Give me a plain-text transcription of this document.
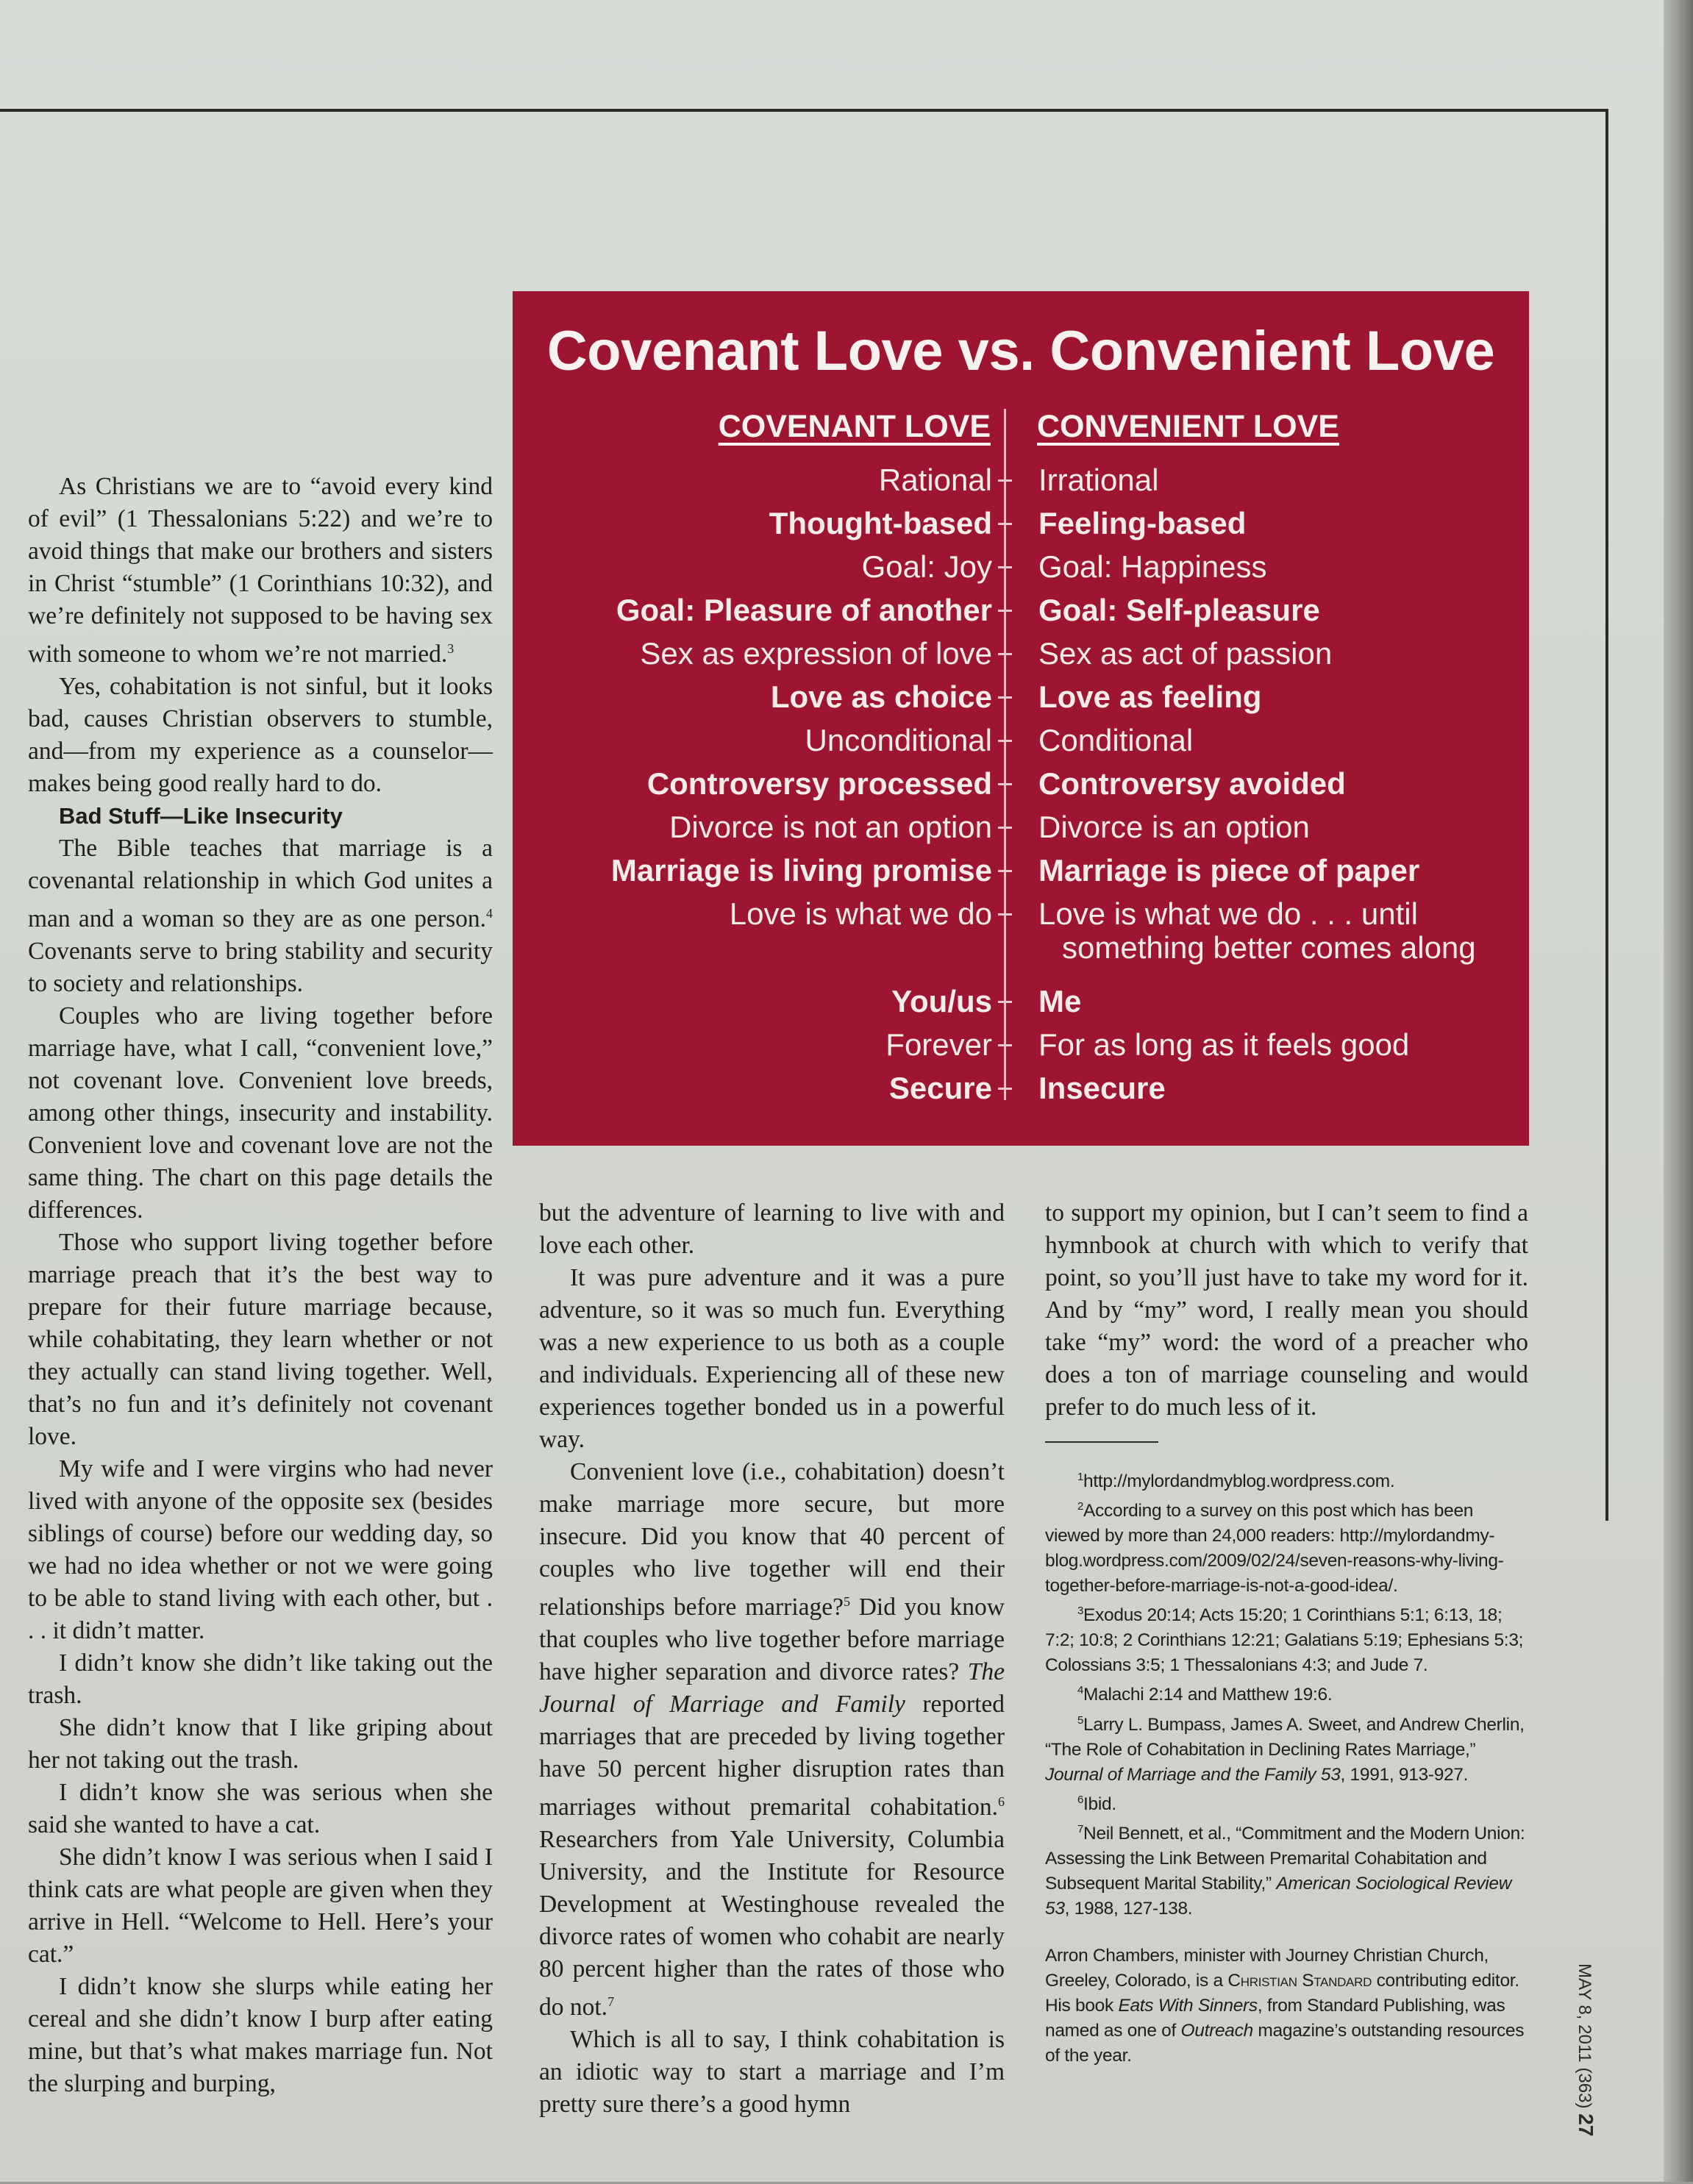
Covenant Love vs. Convenient Love
COVENANT LOVE CONVENIENT LOVE
Rational Irrational
Thought-based Feeling-based
Goal: Joy Goal: Happiness
Goal: Pleasure of another Goal: Self-pleasure
Sex as expression of love Sex as act of passion
Love as choice Love as feeling
Unconditional Conditional
Controversy processed Controversy avoided
Divorce is not an option Divorce is an option
Marriage is living promise Marriage is piece of paper
Love is what we do Love is what we do . . . until
something better comes along
You/us Me
Forever For as long as it feels good
Secure Insecure

As Christians we are to “avoid every kind of evil” (1 Thessalonians 5:22) and we’re to avoid things that make our brothers and sisters in Christ “stumble” (1 Corinthians 10:32), and we’re definitely not supposed to be having sex with someone to whom we’re not married.$^3$

Yes, cohabitation is not sinful, but it looks bad, causes Christian observers to stumble, and—from my experience as a counselor—makes being good really hard to do.

Bad Stuff—Like Insecurity

The Bible teaches that marriage is a covenantal relationship in which God unites a man and a woman so they are as one person.$^4$ Covenants serve to bring stability and security to society and relationships.

Couples who are living together before marriage have, what I call, “convenient love,” not covenant love. Convenient love breeds, among other things, insecurity and instability. Convenient love and covenant love are not the same thing. The chart on this page details the differences.

Those who support living together before marriage preach that it’s the best way to prepare for their future marriage because, while cohabitating, they learn whether or not they actually can stand living together. Well, that’s no fun and it’s definitely not covenant love.

My wife and I were virgins who had never lived with anyone of the opposite sex (besides siblings of course) before our wedding day, so we had no idea whether or not we were going to be able to stand living with each other, but . . . it didn’t matter.

I didn’t know she didn’t like taking out the trash.

She didn’t know that I like griping about her not taking out the trash.

I didn’t know she was serious when she said she wanted to have a cat.

She didn’t know I was serious when I said I think cats are what people are given when they arrive in Hell. “Welcome to Hell. Here’s your cat.”

I didn’t know she slurps while eating her cereal and she didn’t know I burp after eating mine, but that’s what makes marriage fun. Not the slurping and burping,

but the adventure of learning to live with and love each other.

It was pure adventure and it was a pure adventure, so it was so much fun. Everything was a new experience to us both as a couple and individuals. Experiencing all of these new experiences together bonded us in a powerful way.

Convenient love (i.e., cohabitation) doesn’t make marriage more secure, but more insecure. Did you know that 40 percent of couples who live together will end their relationships before marriage?$^5$ Did you know that couples who live together before marriage have higher separation and divorce rates? The Journal of Marriage and Family reported marriages that are preceded by living together have 50 percent higher disruption rates than marriages without premarital cohabitation.$^6$ Researchers from Yale University, Columbia University, and the Institute for Resource Development at Westinghouse revealed the divorce rates of women who cohabit are nearly 80 percent higher than the rates of those who do not.$^7$

Which is all to say, I think cohabitation is an idiotic way to start a marriage and I’m pretty sure there’s a good hymn

to support my opinion, but I can’t seem to find a hymnbook at church with which to verify that point, so you’ll just have to take my word for it. And by “my” word, I really mean you should take “my” word: the word of a preacher who does a ton of marriage counseling and would prefer to do much less of it.

$^1$http://mylordandmyblog.wordpress.com.

$^2$According to a survey on this post which has been viewed by more than 24,000 readers: http://mylordandmy-blog.wordpress.com/2009/02/24/seven-reasons-why-living-together-before-marriage-is-not-a-good-idea/.

$^3$Exodus 20:14; Acts 15:20; 1 Corinthians 5:1; 6:13, 18; 7:2; 10:8; 2 Corinthians 12:21; Galatians 5:19; Ephesians 5:3; Colossians 3:5; 1 Thessalonians 4:3; and Jude 7.

$^4$Malachi 2:14 and Matthew 19:6.

$^5$Larry L. Bumpass, James A. Sweet, and Andrew Cherlin, “The Role of Cohabitation in Declining Rates Marriage,” Journal of Marriage and the Family 53, 1991, 913-927.

$^6$Ibid.

$^7$Neil Bennett, et al., “Commitment and the Modern Union: Assessing the Link Between Premarital Cohabitation and Subsequent Marital Stability,” American Sociological Review 53, 1988, 127-138.

Arron Chambers, minister with Journey Christian Church, Greeley, Colorado, is a Christian Standard contributing editor. His book Eats With Sinners, from Standard Publishing, was named as one of Outreach magazine’s outstanding resources of the year.	MAY 8, 2011 (363) 27
